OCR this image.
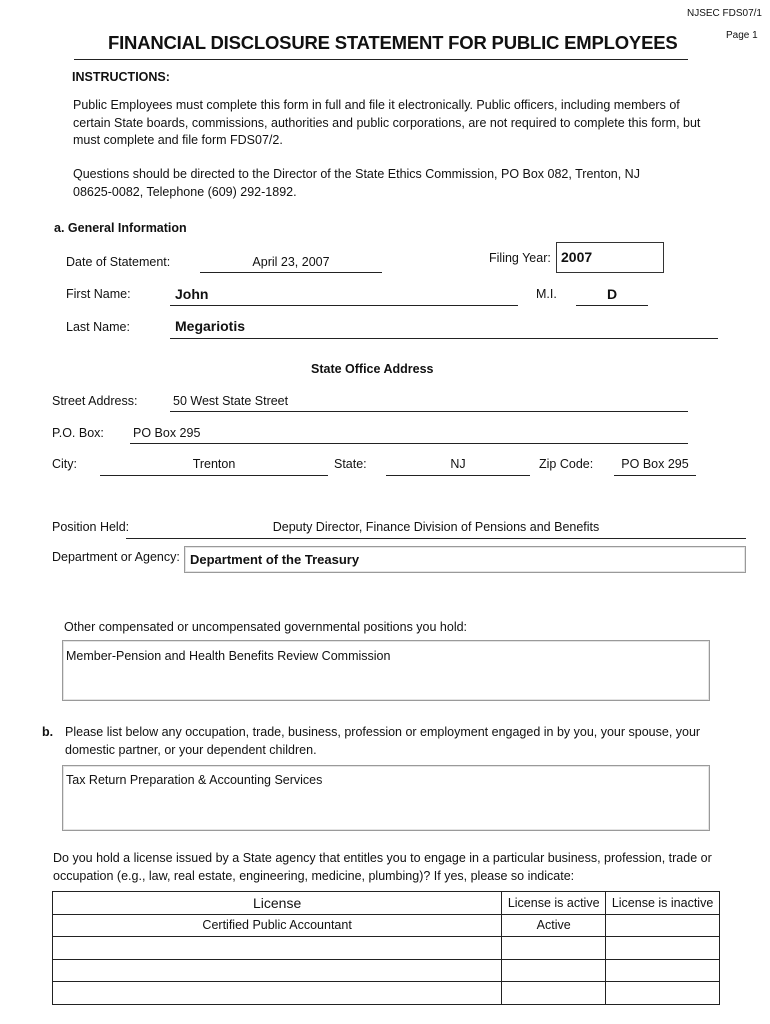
NJSEC FDS07/1
Page 1
FINANCIAL DISCLOSURE STATEMENT FOR PUBLIC EMPLOYEES
INSTRUCTIONS:
Public Employees must complete this form in full and file it electronically. Public officers, including members of certain State boards, commissions, authorities and public corporations, are not required to complete this form, but must complete and file form FDS07/2.
Questions should be directed to the Director of the State Ethics Commission, PO Box 082, Trenton, NJ 08625-0082, Telephone (609) 292-1892.
a. General Information
Date of Statement:	April 23, 2007	Filing Year: 2007
First Name:	John	M.I.	D
Last Name:	Megariotis
State Office Address
Street Address:	50 West State Street
P.O. Box: PO Box 295
City:	Trenton	State:	NJ	Zip Code:	PO Box 295
Position Held:	Deputy Director, Finance Division of Pensions and Benefits
Department or Agency: Department of the Treasury
Other compensated or uncompensated governmental positions you hold:
Member-Pension and Health Benefits Review Commission
b. Please list below any occupation, trade, business, profession or employment engaged in by you, your spouse, your domestic partner, or your dependent children.
Tax Return Preparation & Accounting Services
Do you hold a license issued by a State agency that entitles you to engage in a particular business, profession, trade or occupation (e.g., law, real estate, engineering, medicine, plumbing)? If yes, please so indicate:
License	License is active	License is inactive
Certified Public Accountant	Active	
